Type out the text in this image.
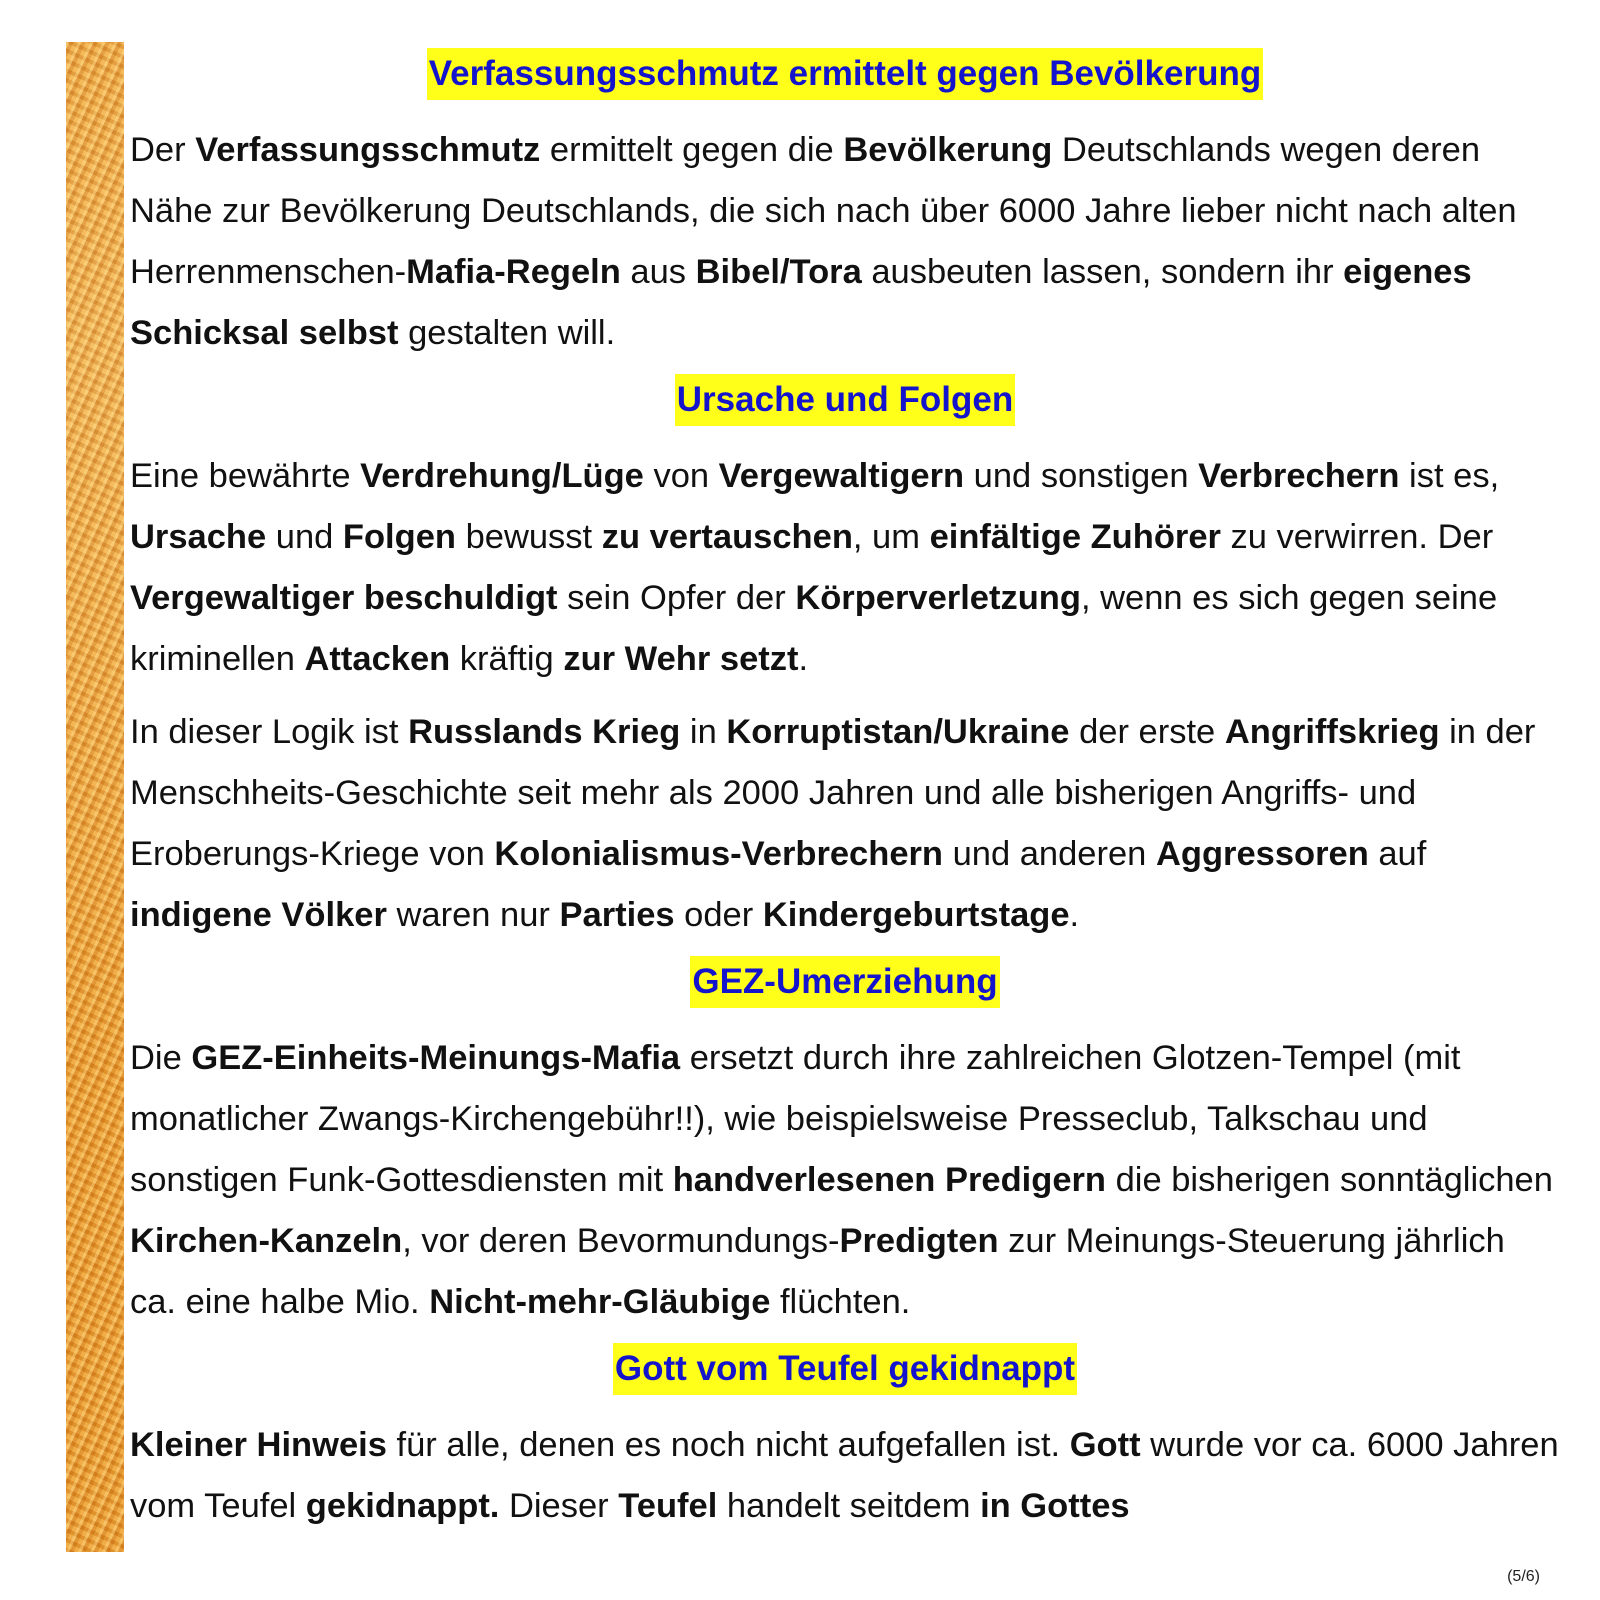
Verfassungsschmutz ermittelt gegen Bevölkerung

Der Verfassungsschmutz ermittelt gegen die Bevölkerung Deutschlands wegen deren Nähe zur Bevölkerung Deutschlands, die sich nach über 6000 Jahre lieber nicht nach alten Herrenmenschen-Mafia-Regeln aus Bibel/Tora ausbeuten lassen, sondern ihr eigenes Schicksal selbst gestalten will.

Ursache und Folgen

Eine bewährte Verdrehung/Lüge von Vergewaltigern und sonstigen Verbrechern ist es, Ursache und Folgen bewusst zu vertauschen, um einfältige Zuhörer zu verwirren. Der Vergewaltiger beschuldigt sein Opfer der Körperverletzung, wenn es sich gegen seine kriminellen Attacken kräftig zur Wehr setzt.

In dieser Logik ist Russlands Krieg in Korruptistan/Ukraine der erste Angriffskrieg in der Menschheits-Geschichte seit mehr als 2000 Jahren und alle bisherigen Angriffs- und Eroberungs-Kriege von Kolonialismus-Verbrechern und anderen Aggressoren auf indigene Völker waren nur Parties oder Kindergeburtstage.

GEZ-Umerziehung

Die GEZ-Einheits-Meinungs-Mafia ersetzt durch ihre zahlreichen Glotzen-Tempel (mit monatlicher Zwangs-Kirchengebühr!!), wie beispielsweise Presseclub, Talkschau und sonstigen Funk-Gottesdiensten mit handverlesenen Predigern die bisherigen sonntäglichen Kirchen-Kanzeln, vor deren Bevormundungs-Predigten zur Meinungs-Steuerung jährlich ca. eine halbe Mio. Nicht-mehr-Gläubige flüchten.

Gott vom Teufel gekidnappt

Kleiner Hinweis für alle, denen es noch nicht aufgefallen ist. Gott wurde vor ca. 6000 Jahren vom Teufel gekidnappt. Dieser Teufel handelt seitdem in Gottes

(5/6)
